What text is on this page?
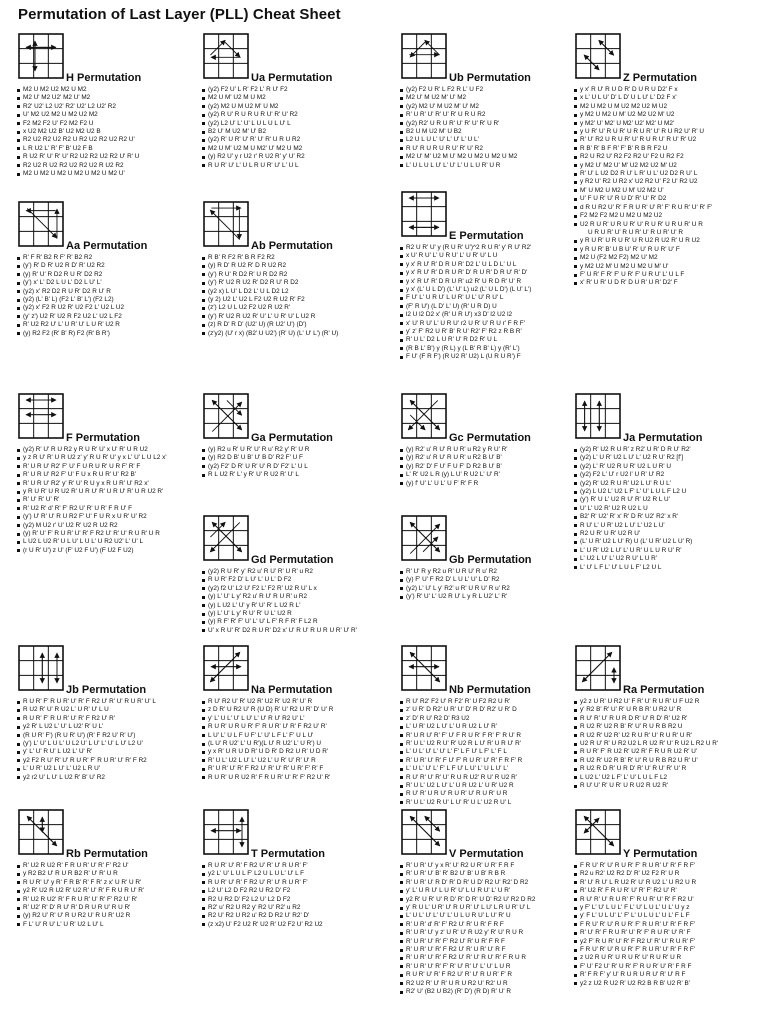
Permutation of Last Layer (PLL) Cheat Sheet
H Permutation
M2 U M2 U2 M2 U M2
M2 U' M2 U2' M2 U' M2
R2' U2' L2 U2' R2' U2' L2 U2' R2
U' M2 U2 M2 U M2 U2 M2
F2 M2 F2 U' F2 M2 F2 U
x U2 M2 U2 B' U2 M2 U2 B
R2 U2 R2 U2 R2 U R2 U2 R2 U2 R2 U'
L R U2 L' R' F' B' U2 F B
R U2 R' U' R' U' R2 U2 R2 U2 R2 U' R' U
R2 U2 R U2 R2 U2 R2 U2 R U2 R2
M2 U M2 U M2 U M2 U M2 U M2 U'
Ua Permutation
(y2) F2 U' L R' F2 L' R U' F2
M2 U M' U2 M U M2
(y2) M2 U M U2 M' U M2
(y2) R U' R U R U R U' R' U' R2
(y2) L2 U' L' U' L U L U L U' L
B2 U' M U2 M' U' B2
(y2) R' U R' U' R' U' R' U R U R2
M2 U M' U2 M U M2' U' M2 U M2
(y) R2 U' y r U2 r' R U2 R' y' U' R2
R U R' U' L' U L R U R' U' L' U L
Ub Permutation
(y2) F2 U R' L F2 R L' U F2
M2 U' M U2 M' U' M2
(y2) M2 U' M U2 M' U' M2
R' U R' U' R' U' R' U R U R2
(y2) R2' U R U R' U' R' U' R' U R'
B2 U M U2 M' U B2
L2 U L U L' U' L' U' L' U L'
R U' R U R U R U' R' U' R2
M2 U' M' U2 M U' M2 U M2 U M2 U M2
L' U L U L U' L' U' L' U L U R' U R
Z Permutation
y x' R U' R U D R' D U R U D2' F x
x L' U L U' D' L D' U L U' L' D2 F x'
M2 U M2 U M U2 M2 U2 M U2
y M2 U M2 U M' U2 M2 U2 M' U2
y M2' U' M2' U M2' U2' M2' U M2'
y U R' U' R U R' U R U R' U' R U R2 U' R' U
R' U' R2 U R U R' U' R U R U' R U' R' U2
R B' R' B F R' F' B' R B R F2 U
R2 U R2 U' R2 F2 R2 U' F2 U R2 F2
y M2 U' M2 U' M' U2 M2 U2 M' U2
R' U' L U2 D2 R U' L R' U L' U2 D2 R U' L
y R2 U' R2 U R2 x' U2 R2 U' F2 U' R2 U2
M' U M2 U M2 U M' U2 M2 U'
U' F U R' U' R U D' R' U' R' D2
d R U R2 U' R' F R U R' U' R' F' R U R' U' R' F'
F2 M2 F2 M2 U M2 U M2 U2
U2 R U R' U R U R' U' R U R' U R U R' U R
U R U R' U' R U R' U' R U R' U' R
y R U R' U R U R' U R U2 R U2 R' U R U2
y R U R' B' U B U' R' U' R U R' U' F
M2 U (F2 M2 F2) M2 U' M2
y M2 U2 M' U M2 U M2 U M' U'
F' U R' F R' F' U R' F' U R U' L' U L F
x' R' U R' U D R' D U R' U R' D2' F
Aa Permutation
R' F R' B2 R F' R' B2 R2
(y') R' D R' U2 R D' R' U2 R2
(y) R' U' R D2 R U R' D2 R2
(y') x' L' D2 L U L' D2 L U' L'
(y2) x' R2 D2 R U R' D2 R U' R
(y2) (L' B' L) (F2 L' B' L') (F2 L2)
(y2) x' F2 R U2 R' U2 F2 L' U2 L U2
(y' z') U2 R' U2 R F2 U2 L' U2 L F2
R' U2 R2 U' L' U R' U' L U R' U2 R
(y) R2 F2 (R' B' R) F2 (R' B R')
Ab Permutation
R B' R F2 R' B R F2 R2
(y) R D' R U2 R' D R U2 R2
(y') R U' R D2 R' U R D2 R2
(y') R' U2 R U2 R' D2 R U' R D2
(y2 x) L U' L D2 L' U L D2 L2
(y 2) U2 L' U2 L F2 U2 R U2 R' F2
(z') L2 U L U2 F2 U2 R U2 R'
(y') R' U2 R U2 R' U' L' U R' U' L U2 R
(z) R D' R D' (U2' U) (R U2' U') (D')
(z'y2) (U' r x) (B2' U U2') (R' U) (L' U' L') (R' U)
E Permutation
R2 U R' U' y (R U R' U')^2 R U R' y' R U' R2'
x U' R U' L' U R U' L' U R' U' L U
y x' R U' R' D R U R' D2 L' U L D L' U L
y x' R U' R' D R U R' D' R U R' D R U' R' D'
y x' R U' R' D R U R' u2 R' U R D R' U' R
y x' (L' U L D') (L' U' L) u2 (L' U L D') (L U' L')
F U' L' U R U' L U R' U L' U' R U' L
(F' R U') (L D' L' U) (R' U R D) U
l2 U l2 D2 x' (R' U R U') x3 D' l2 U2 l2
x' U' R U' L' U R U' r2 U R' U' R U r' F R F'
y' z' F' R2 U R' B' R U' R2' F' R2 z R B R'
R' U L' D2 L U R' U' R D2 R' U L
(R B L' B') y (R L) y (L B' R B' L) y (R' L')
F U' (F R F') (R U2 R' U2) L (U R U R') F
F Permutation
(y2) R' U' R U R2 y R U R' U' x U' R' U R U2
y z R U' R' U R U2 z' y' R U R' U' y x L' U' L U L2 x'
R' U R U' R2' F' U' F U R U R' U R F' R' F
R' U R U' R2 F' U' F U x R U R' U' R2 B'
R' U R U' R2' y' R' U' R U y x R U R' U' R2 x'
y R U R' U R U2 R' U R U' R' U R U' R' U R U2 R'
R' U' R' U' R'
R' U2 R' d' R' F' R2 U' R' U R' F R U' F
(y') U' R' U' R U R2 F' U' F U R x U R' U' R2
(y2) M U2 r' U' U2 R' U2 R U2 R2
(y) R' U' F' R U R' U' R' F R2 U' R' U' R U R' U R
L U2 L U2 R' U L U' L U L' U R2 U2' L' U' L
(r U R' U') z U' (F' U2 F U') (F U2 F U2)
Ga Permutation
(y) R2 u R' U R' U' R u' R2 y' R' U R
(y) R2 D B' U B' U' B D' R2 F' U F
(y2) F2' D R' U R' U' R D' F2' L' U L
R L U2 R' L' y R' U' R U2 R' U' L
Gc Permutation
(y) R2' u' R U' R U R' u R2 y R U' R'
(y) R2' u' R U' R U R' u R2 B U' B'
(y) R2' D' F U' F U F' D R2 B U' B'
L' R' U2 L R (y) L U' R U2 L' U' R'
(y) f' U' L' U L' U F' R' F R
Ja Permutation
(y2) R' U2 R U R' z R2' U R' D R U' R2'
(y2) L' U R' U2 L U' L' U2 R U' R2 [f']
(y2) L' R' U2 R U R' U2 L U R' U
(y2) F2 L' U' r U2 l' U R' U' R2
(y2) R' U2 R U R' U2 L U' R U L'
(y2) L U2 L' U2 L F' L' U' L U L F L2 U
(y') R' U L' U2 R U' R' U2 R L U'
U' L' U2 R' U2 R U2 L U
B2' R' U2' R' x' R' D R' U2' R2' x R'
R U' L' U R' U2 L U' L' U2 L U'
R2 U R' U R' U2 R U'
(L' U R' U2 L U' R) U (L' U R' U2 L U' R)
L' U R' U2 L U' L' U R' U L U R U' R'
L' U2 L U' L' U2 R U' L U R'
L' U' L F L' U' L U L F' L2 U L
Gd Permutation
(y2) R U R' y' R2 u' R U' R' U R' u R2
R U R' F2 D' L U' L' U L' D F2
(y2) f2 U' L2 U' F2 L' F2 R' U2 R U' L x
(y) L' U' L y' R2 u' R U' R U R' u R2
(y) L U2 L' U' y R' U' R' L U2 R L'
(y) L' U' L y' R U' R' U L' U2 R
(y) R F' R' F' U' L' U' L F' R F R' F L2 R
U' x R U' R' D2 R U R' D2 x' U' R U' R U R U R' U' R'
Gb Permutation
R' U' R y R2 u R' U R U' R u' R2
(y) F' U' F R2 D' L U L' U' L D' R2
(y2) L' U' L y' R2' u R' U R U' R u' R2
(y') R' U' L' U2 R U' L y R L U2' L' R'
Jb Permutation
R U R' F' R U R' U' R' F R2 U' R' U' R U R' U' L
R U2 R' U' R U2 L' U R' U' L U
R U R' F' R U R' U' R' F R2 U' R'
y2 R' L U2 L' U' L U2' R' U L'
(R U R' F') (R U R' U') (R' F R2 U' R' U')
(y') L' U' L U L' U L2 U' L U' L' U' L U' L2 U'
y' L' U' R U' L U2 L' U' R'
y2 F2 R U' R' U' R U R' F' R U R' U' R' F R2
L' U R' U2 L U' L' U2 L R U'
y2 r2 U' L U' L U2 R' B' U' R2
Na Permutation
R U' R2 U' R' U2 R' U2 R' U2 R' U' R
z D R' U R2 U' R (U D) R' U' R2 U R' D' U' R
y' L' U L' U' L U' L' U' R U' R2 U' L'
R U R' U R U R' F' R U R' U' R' F R2 U' R'
L U' L' U L F U F' L' U' L F L' F' U L U'
(L U' R U2' L' U R')(L U' R U2' L' U R') U
y x R' U R U D R' U D R' D R2 U R' U D R'
R' U L' U2 L U' L' U2 L' U R' U' R' U' R
R' U R' U' R' F R2 U' R' U' R' U R' F' R' F
R U R' U R U2 R' F R U R' U' R' F' R2 U' R'
Nb Permutation
R U' R2' F2 U' R F2' R' U F2 R2 U R'
z' U R' D R2' U R' U' D' R D' R2' U R' D
z' D' R U' R2 D' R3 U2
L' U R' U2 L U' L' U R U2 L U' R'
R' U R U' R' F' U' F R U R' F R' F' R U' R
R' U L' U2 R U' R' U2 R L U' R' U R U' R'
L' U L' U' L' U' L' F' L F U' L F' L' F L
R' U R' U' R' F U' F' R U R' U' R' F R F' R
L' U L' U' L' F' L F U' L U' L' U L U' L'
R U' R' U' R' U' R U R U2' R U' R U2 R'
R' U L' U2 L U' L' U R U2 L' U R' U2 R
R U' R' U R U' R U R' U' R U R' U R
R' U L' U2 R U' L U' R' U L' U2 R U' L
Ra Permutation
y2 z U R' U R2 U' F R' U' R U R' U F U2 R
y' R2 B' R' U' R' U R B R' U R2 U' R
R U' R' U' R U R D R' U' R D' R' U2 R'
R U2 R' U2 R B' R' U' R U R B R2 U
R U2 R' U2 R' U2 R U R' U' R U R' U R'
U2 R U' R' U R2 U2 L R U2 R' U' R U2 L R2 U R'
R U R' F' R U2 R' U2 R' F R U R U2 R' U'
R U2 R' U2 R B' R' U' R U R B R2 U R' U'
R U2 R D R' U R D' R' U' R U' R' U' R
L U2 L' U2 L F' L' U' L U L F L2
R U' U' R' U R' U R U2 R U2 R'
Rb Permutation
R' U2 R U2 R' F R U R' U' R' F' R2 U'
y R2 B2 U' R U R B2 R' U' R' U R
R U R' U' y R' F R B' R' F R' z x' U R' U R'
y2 R' U2 R U2 R' U2 R' U' R' F R U R U' R'
R' U2 R U2' R' F R U R' U' R' F' R2 U' R'
R' U2' R' D' R U' R' D R U R U' R U R'
(y) R2 U' R' U' R U R2 U' R U R' U2 R
F L' U' R U' L' U R' U2 L U' L
T Permutation
R U R' U' R' F R2 U' R' U' R U R' F'
y2 L' U' L U L F' L2 U L U L' U' L F
R U R' U' R' F R2 U' R' U' R U R' F'
L2 U' L2 D F2 R2 U R2 D' F2
R2 U R2 D' F2 L2 U' L2 D F2
R2' u' R2 U R2 y' R2 U' R2' u R2
R2 U' R2 U R2 u' R2 D R2 U' R2' D'
(z x2) U' F2 U2 R' U2 R' U2 F2 U' R2 U2
V Permutation
R' U R' U' y x R' U' R2 U R' U R' F R F
R' U R' U' B' R' B2 U' B' U B' R B R
R' U R' U' R D' R' D R' U D' R2 U' R2' D R2
y' L' U R U' L U R' U' L U R U' L' U R'
y2 R' U R' U' R D' R' D R' U D' R2 U' R2 D R2
y' R U L' U R' U' R U R' U' L U' L R U R' U' L
L' U L' U' L' U' L' U L U R U' L U' R' U
R' U R' d' R' F' R2 U' R' U R' F R F
R' U R' U' y z' U R' U' R U2 y' R' U' R U R
R' U R' U' R' F' R2 U' R' U R' F R F
R' U R' U' R' F R2 U' R' U R' U' R F
R' U R' U' R' F R2 U' R' U' R U' R' F R U R
R' U R' U' R' F' R' U' R' U' L' U' L U R
R U R' U' R' F R2 U' R' U' R U R' F' R
R2 U2 R' U' R' U R U R2 U' R2' U R
R2' U' (B2 U B2) (R' D') (R D) R' U' R
Y Permutation
F R U' R' U' R U R' F' R U R' U' R' F R F'
R2 u R2' U2 R2 D' R' U2 F2 R' U R
R' U' R U' L R U2 R' U' R U2 L' U R2 U R
R' U2 R' F R U R' U' R' F' R2 U' R'
R U' R' U' R U R' F' R U R' U' R' F R2 U'
y F' L' U' L U L' F L' U' L U L' U L' U y z
y' F L' U L U' L' F' L' U L U L' U L' F L F
F R U' R' U' R U R' F' R U R' U' R' F R F'
R' U' R' F R U R' U' R' F' R U R' U' R' F
y2 F' R U R' U' R' F R2 U' R' U' R U R' F'
F R U' R' U' R U R' F' R U R' U' R' F R F'
z U2 R U R' U R U R' U' R U R' U R
F' U' F2 U' R' U R' F' R U R' U' R' F R F
R' F R F' y' U' R U R U R U' R' U' R F
y2 z U2 R U2 R' U2 R2 B R B' U2 R' B'
